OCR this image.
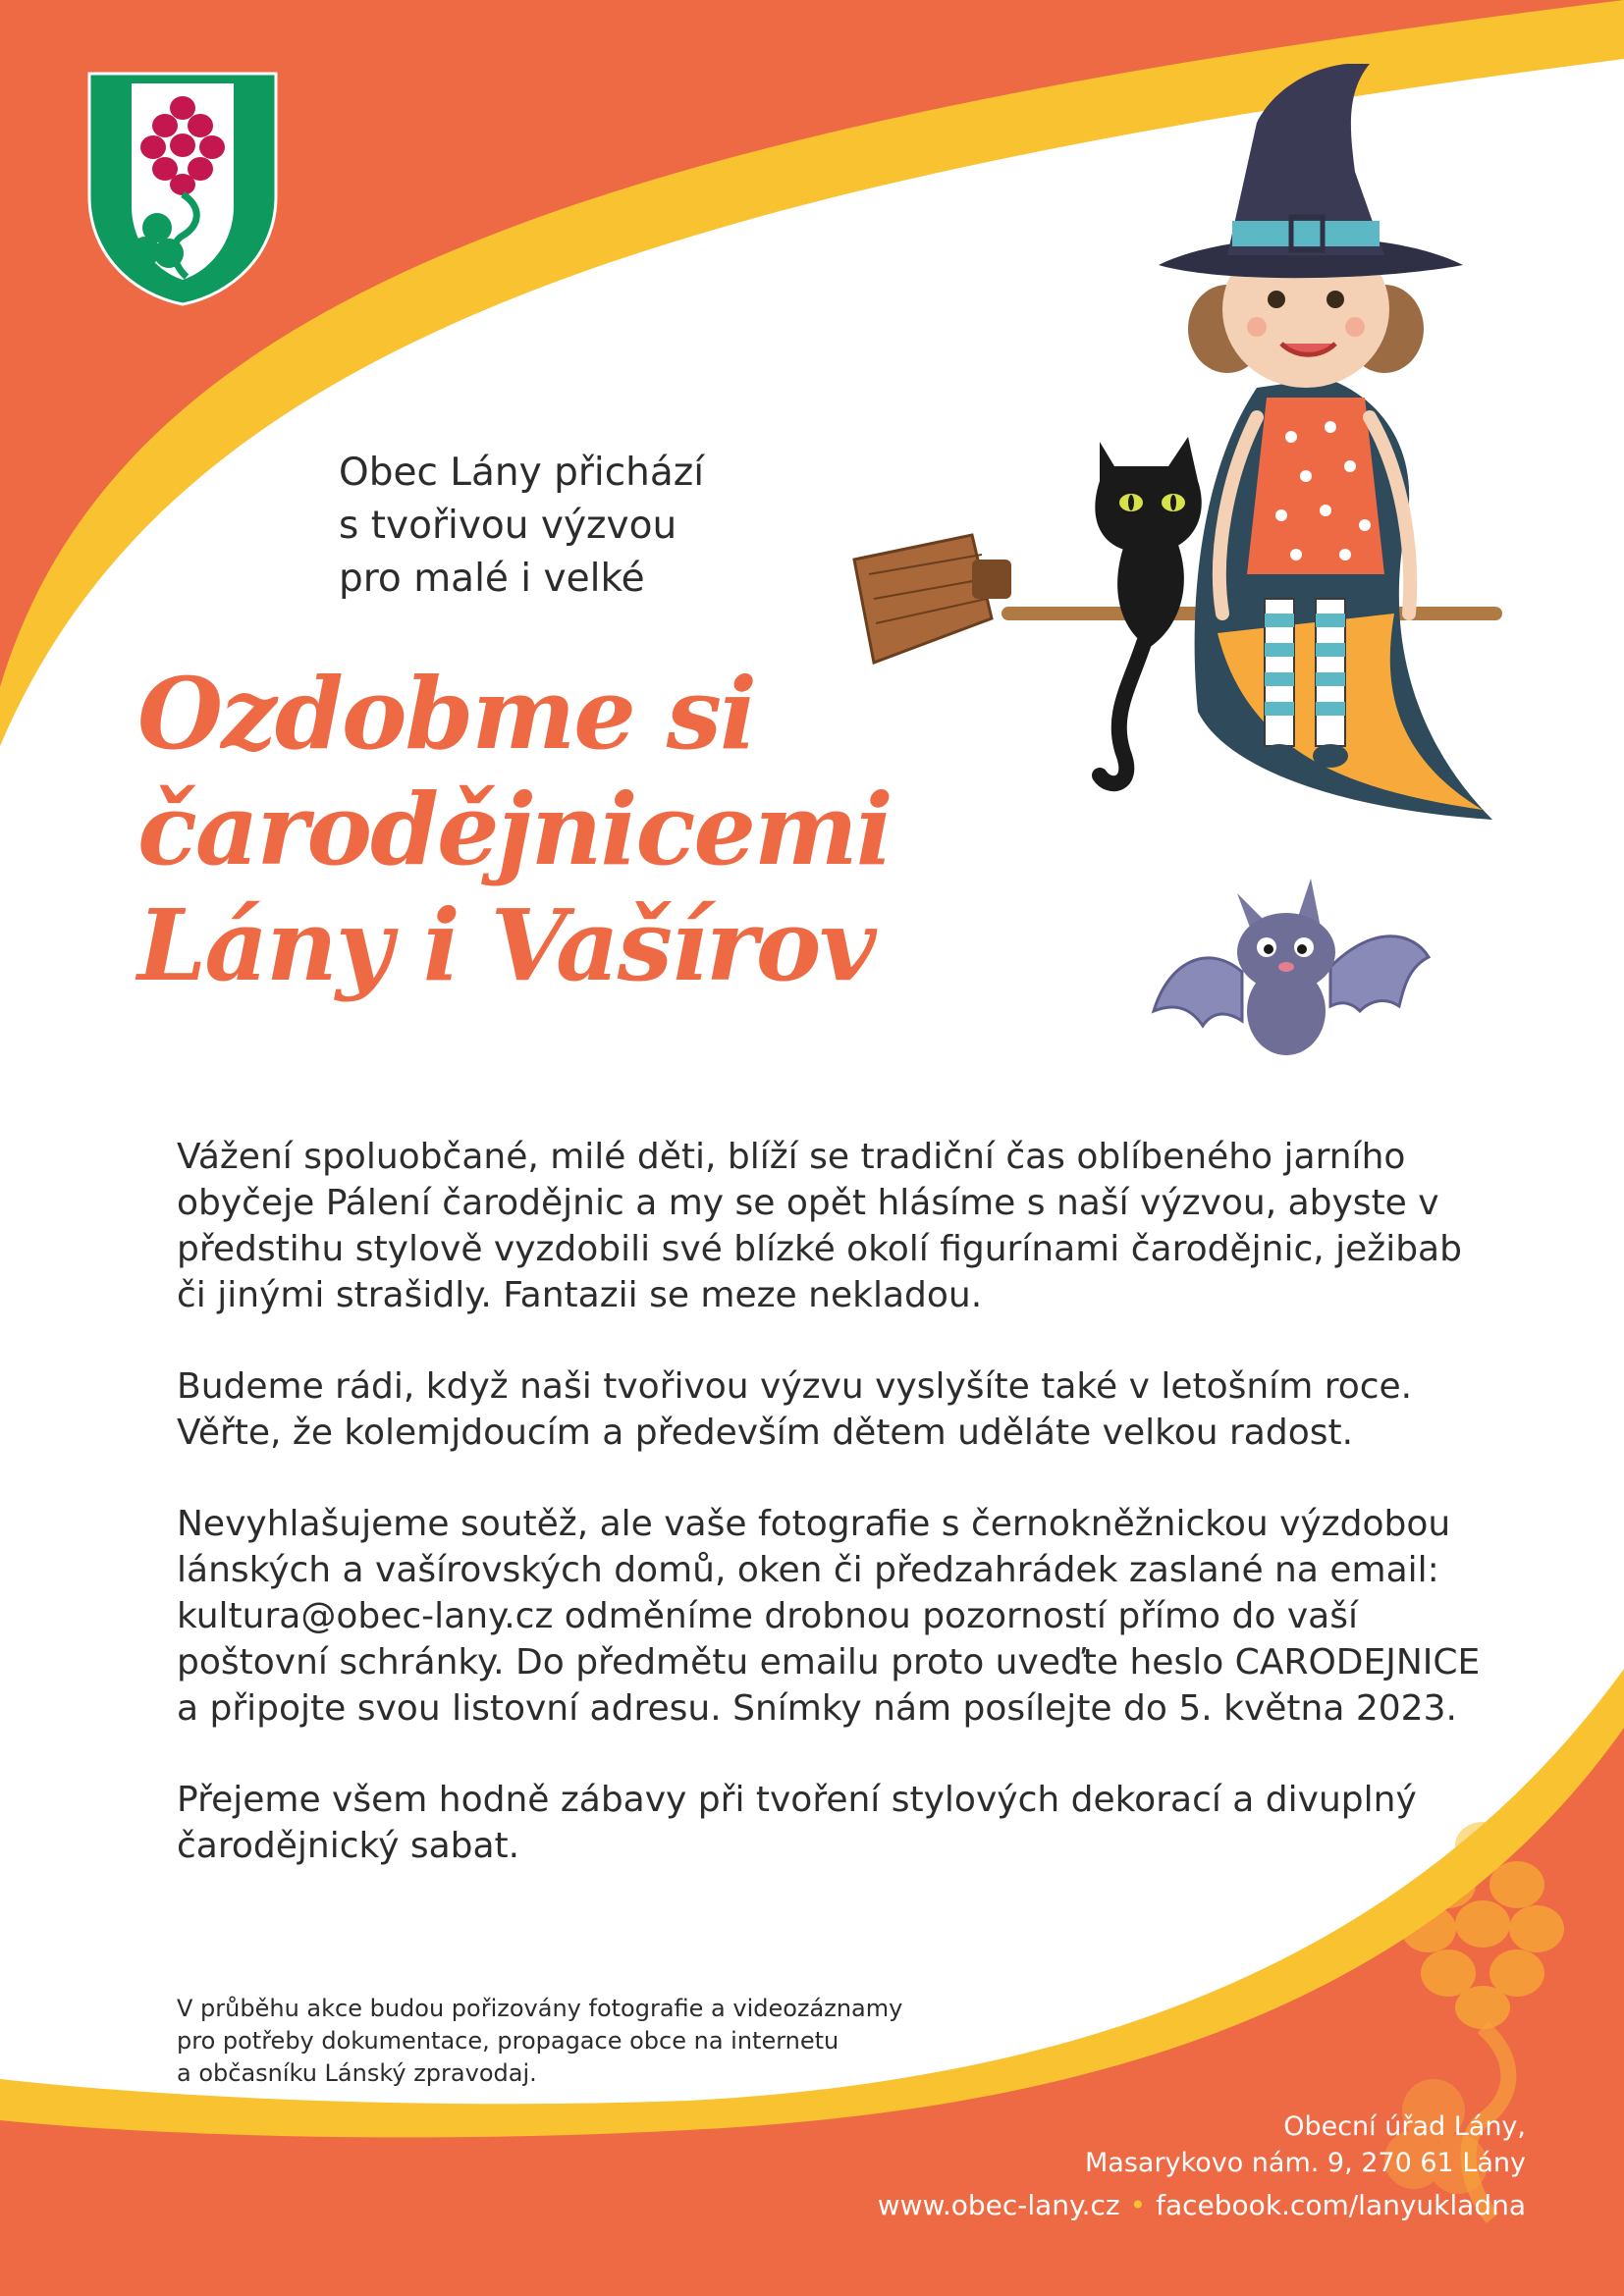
Obec Lány přichází
s tvořivou výzvou
pro malé i velké
Ozdobme si
čarodějnicemi
Lány i Vašírov

Vážení spoluobčané, milé děti, blíží se tradiční čas oblíbeného jarního obyčeje Pálení čarodějnic a my se opět hlásíme s naší výzvou, abyste v předstihu stylově vyzdobili své blízké okolí figurínami čarodějnic, ježibab či jinými strašidly. Fantazii se meze nekladou.

Budeme rádi, když naši tvořivou výzvu vyslyšíte také v letošním roce. Věřte, že kolemjdoucím a především dětem uděláte velkou radost.

Nevyhlašujeme soutěž, ale vaše fotografie s černokněžnickou výzdobou lánských a vašírovských domů, oken či předzahrádek zaslané na email: kultura@obec-lany.cz odměníme drobnou pozorností přímo do vaší poštovní schránky. Do předmětu emailu proto uveďte heslo CARODEJNICE a připojte svou listovní adresu. Snímky nám posílejte do 5. května 2023.

Přejeme všem hodně zábavy při tvoření stylových dekorací a divuplný čarodějnický sabat.

V průběhu akce budou pořizovány fotografie a videozáznamy
pro potřeby dokumentace, propagace obce na internetu
a občasníku Lánský zpravodaj.
Obecní úřad Lány,
Masarykovo nám. 9, 270 61 Lány
www.obec-lany.cz • facebook.com/lanyukladna
